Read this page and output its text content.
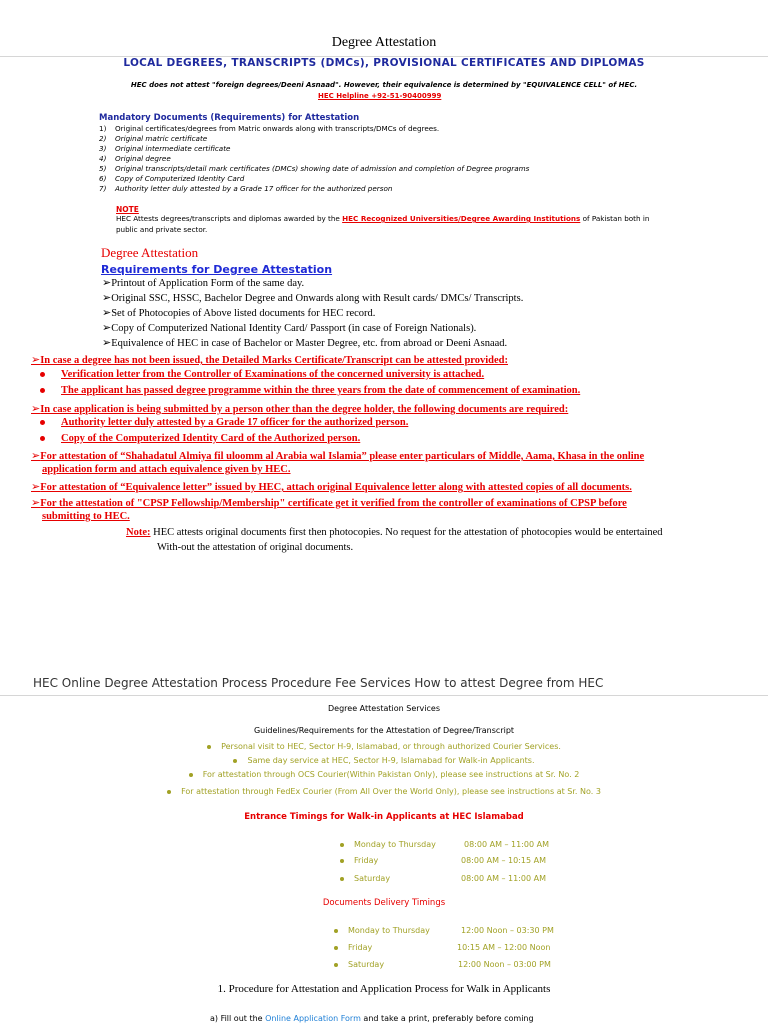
Degree Attestation
LOCAL DEGREES, TRANSCRIPTS (DMCs), PROVISIONAL CERTIFICATES AND DIPLOMAS
HEC does not attest "foreign degrees/Deeni Asnaad". However, their equivalence is determined by "EQUIVALENCE CELL" of HEC.
HEC Helpline +92-51-90400999
Mandatory Documents (Requirements) for Attestation
1) Original certificates/degrees from Matric onwards along with transcripts/DMCs of degrees.
2) Original matric certificate
3) Original intermediate certificate
4) Original degree
5) Original transcripts/detail mark certificates (DMCs) showing date of admission and completion of Degree programs
6) Copy of Computerized Identity Card
7) Authority letter duly attested by a Grade 17 officer for the authorized person
NOTE
HEC Attests degrees/transcripts and diplomas awarded by the HEC Recognized Universities/Degree Awarding Institutions of Pakistan both in
public and private sector.
Degree Attestation
Requirements for Degree Attestation
➢Printout of Application Form of the same day.
➢Original SSC, HSSC, Bachelor Degree and Onwards along with Result cards/ DMCs/ Transcripts.
➢Set of Photocopies of Above listed documents for HEC record.
➢Copy of Computerized National Identity Card/ Passport (in case of Foreign Nationals).
➢Equivalence of HEC in case of Bachelor or Master Degree, etc. from abroad or Deeni Asnaad.
➢In case a degree has not been issued, the Detailed Marks Certificate/Transcript can be attested provided:
Verification letter from the Controller of Examinations of the concerned university is attached.
The applicant has passed degree programme within the three years from the date of commencement of examination.
➢In case application is being submitted by a person other than the degree holder, the following documents are required:
Authority letter duly attested by a Grade 17 officer for the authorized person.
Copy of the Computerized Identity Card of the Authorized person.
➢For attestation of “Shahadatul Almiya fil uloomm al Arabia wal Islamia” please enter particulars of Middle, Aama, Khasa in the online
application form and attach equivalence given by HEC.
➢For attestation of “Equivalence letter” issued by HEC, attach original Equivalence letter along with attested copies of all documents.
➢For the attestation of "CPSP Fellowship/Membership" certificate get it verified from the controller of examinations of CPSP before
submitting to HEC.
Note: HEC attests original documents first then photocopies. No request for the attestation of photocopies would be entertained
With-out the attestation of original documents.
HEC Online Degree Attestation Process Procedure Fee Services How to attest Degree from HEC
Degree Attestation Services
Guidelines/Requirements for the Attestation of Degree/Transcript
Personal visit to HEC, Sector H-9, Islamabad, or through authorized Courier Services.
Same day service at HEC, Sector H-9, Islamabad for Walk-in Applicants.
For attestation through OCS Courier(Within Pakistan Only), please see instructions at Sr. No. 2
For attestation through FedEx Courier (From All Over the World Only), please see instructions at Sr. No. 3
Entrance Timings for Walk-in Applicants at HEC Islamabad
Monday to Thursday	08:00 AM – 11:00 AM
Friday	08:00 AM – 10:15 AM
Saturday	08:00 AM – 11:00 AM
Documents Delivery Timings
Monday to Thursday	12:00 Noon – 03:30 PM
Friday	10:15 AM – 12:00 Noon
Saturday	12:00 Noon – 03:00 PM
1. Procedure for Attestation and Application Process for Walk in Applicants
a) Fill out the Online Application Form and take a print, preferably before coming
